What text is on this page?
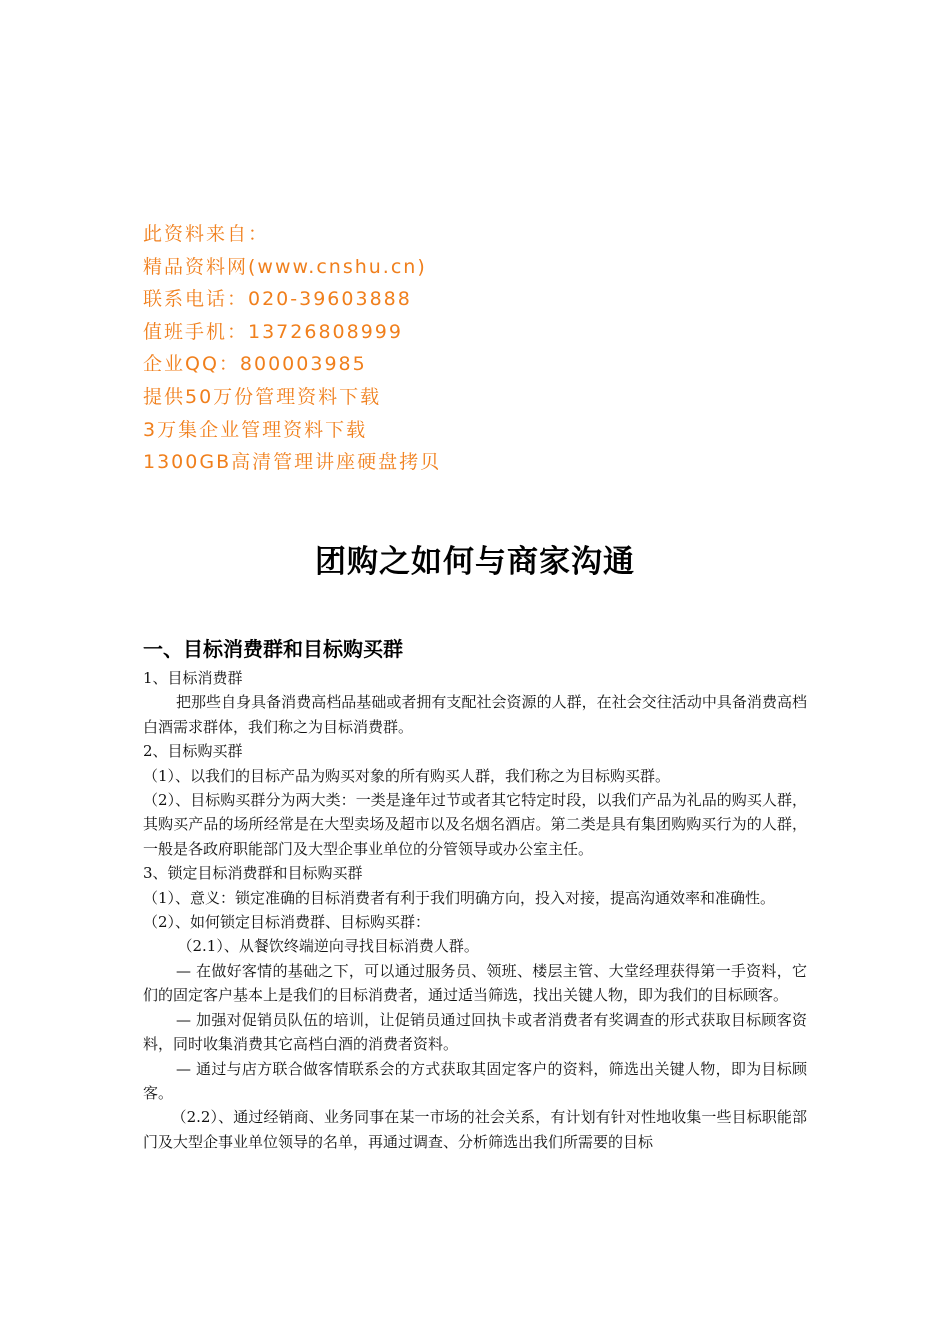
此资料来自：
精品资料网(www.cnshu.cn)
联系电话：020-39603888
值班手机：13726808999
企业QQ：800003985
提供50万份管理资料下载
3万集企业管理资料下载
1300GB高清管理讲座硬盘拷贝
团购之如何与商家沟通
一、目标消费群和目标购买群

1、目标消费群

把那些自身具备消费高档品基础或者拥有支配社会资源的人群，在社会交往活动中具备消费高档白酒需求群体，我们称之为目标消费群。

2、目标购买群

（1）、以我们的目标产品为购买对象的所有购买人群，我们称之为目标购买群。

（2）、目标购买群分为两大类：一类是逢年过节或者其它特定时段，以我们产品为礼品的购买人群，其购买产品的场所经常是在大型卖场及超市以及名烟名酒店。第二类是具有集团购购买行为的人群，一般是各政府职能部门及大型企事业单位的分管领导或办公室主任。

3、锁定目标消费群和目标购买群

（1）、意义：锁定准确的目标消费者有利于我们明确方向，投入对接，提高沟通效率和准确性。

（2）、如何锁定目标消费群、目标购买群：

（2.1）、从餐饮终端逆向寻找目标消费人群。

— 在做好客情的基础之下，可以通过服务员、领班、楼层主管、大堂经理获得第一手资料，它们的固定客户基本上是我们的目标消费者，通过适当筛选，找出关键人物，即为我们的目标顾客。

— 加强对促销员队伍的培训，让促销员通过回执卡或者消费者有奖调查的形式获取目标顾客资料，同时收集消费其它高档白酒的消费者资料。

— 通过与店方联合做客情联系会的方式获取其固定客户的资料，筛选出关键人物，即为目标顾客。

（2.2）、通过经销商、业务同事在某一市场的社会关系，有计划有针对性地收集一些目标职能部门及大型企事业单位领导的名单，再通过调查、分析筛选出我们所需要的目标
